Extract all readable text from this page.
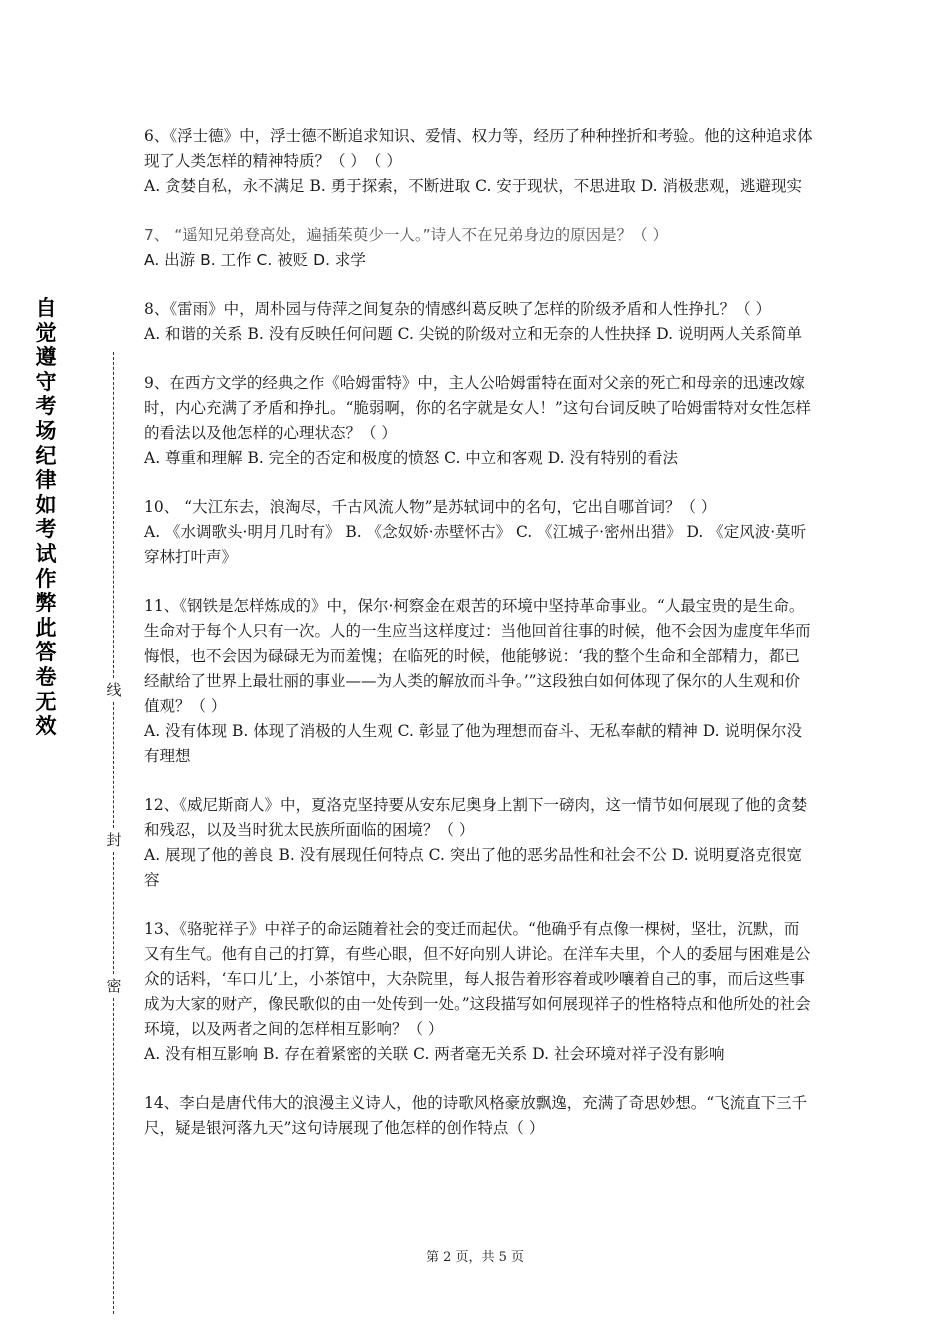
自觉遵守考场纪律如考试作弊此答卷无效
线
封
密

6、《浮士德》中，浮士德不断追求知识、爱情、权力等，经历了种种挫折和考验。他的这种追求体现了人类怎样的精神特质？（ ）　（ ）

A. 贪婪自私，永不满足 B. 勇于探索，不断进取 C. 安于现状，不思进取 D. 消极悲观，逃避现实

7、 “遥知兄弟登高处，遍插茱萸少一人。”诗人不在兄弟身边的原因是？（ ）

A. 出游 B. 工作 C. 被贬 D. 求学

8、《雷雨》中，周朴园与侍萍之间复杂的情感纠葛反映了怎样的阶级矛盾和人性挣扎？（ ）

A. 和谐的关系 B. 没有反映任何问题 C. 尖锐的阶级对立和无奈的人性抉择 D. 说明两人关系简单

9、在西方文学的经典之作《哈姆雷特》中，主人公哈姆雷特在面对父亲的死亡和母亲的迅速改嫁时，内心充满了矛盾和挣扎。“脆弱啊，你的名字就是女人！”这句台词反映了哈姆雷特对女性怎样的看法以及他怎样的心理状态？（ ）

A. 尊重和理解 B. 完全的否定和极度的愤怒 C. 中立和客观 D. 没有特别的看法

10、 “大江东去，浪淘尽，千古风流人物”是苏轼词中的名句，它出自哪首词？（ ）

A. 《水调歌头·明月几时有》 B. 《念奴娇·赤壁怀古》 C. 《江城子·密州出猎》 D. 《定风波·莫听穿林打叶声》

11、《钢铁是怎样炼成的》中，保尔·柯察金在艰苦的环境中坚持革命事业。“人最宝贵的是生命。生命对于每个人只有一次。人的一生应当这样度过：当他回首往事的时候，他不会因为虚度年华而悔恨，也不会因为碌碌无为而羞愧；在临死的时候，他能够说：‘我的整个生命和全部精力，都已经献给了世界上最壮丽的事业——为人类的解放而斗争。’”这段独白如何体现了保尔的人生观和价值观？（ ）

A. 没有体现 B. 体现了消极的人生观 C. 彰显了他为理想而奋斗、无私奉献的精神 D. 说明保尔没有理想

12、《威尼斯商人》中，夏洛克坚持要从安东尼奥身上割下一磅肉，这一情节如何展现了他的贪婪和残忍，以及当时犹太民族所面临的困境？（ ）

A. 展现了他的善良 B. 没有展现任何特点 C. 突出了他的恶劣品性和社会不公 D. 说明夏洛克很宽容

13、《骆驼祥子》中祥子的命运随着社会的变迁而起伏。“他确乎有点像一棵树，坚壮，沉默，而又有生气。他有自己的打算，有些心眼，但不好向别人讲论。在洋车夫里，个人的委屈与困难是公众的话料，‘车口儿’上，小茶馆中，大杂院里，每人报告着形容着或吵嚷着自己的事，而后这些事成为大家的财产，像民歌似的由一处传到一处。”这段描写如何展现祥子的性格特点和他所处的社会环境，以及两者之间的怎样相互影响？（ ）

A. 没有相互影响 B. 存在着紧密的关联 C. 两者毫无关系 D. 社会环境对祥子没有影响

14、李白是唐代伟大的浪漫主义诗人，他的诗歌风格豪放飘逸，充满了奇思妙想。“飞流直下三千尺，疑是银河落九天”这句诗展现了他怎样的创作特点（ ）

第 2 页，共 5 页
